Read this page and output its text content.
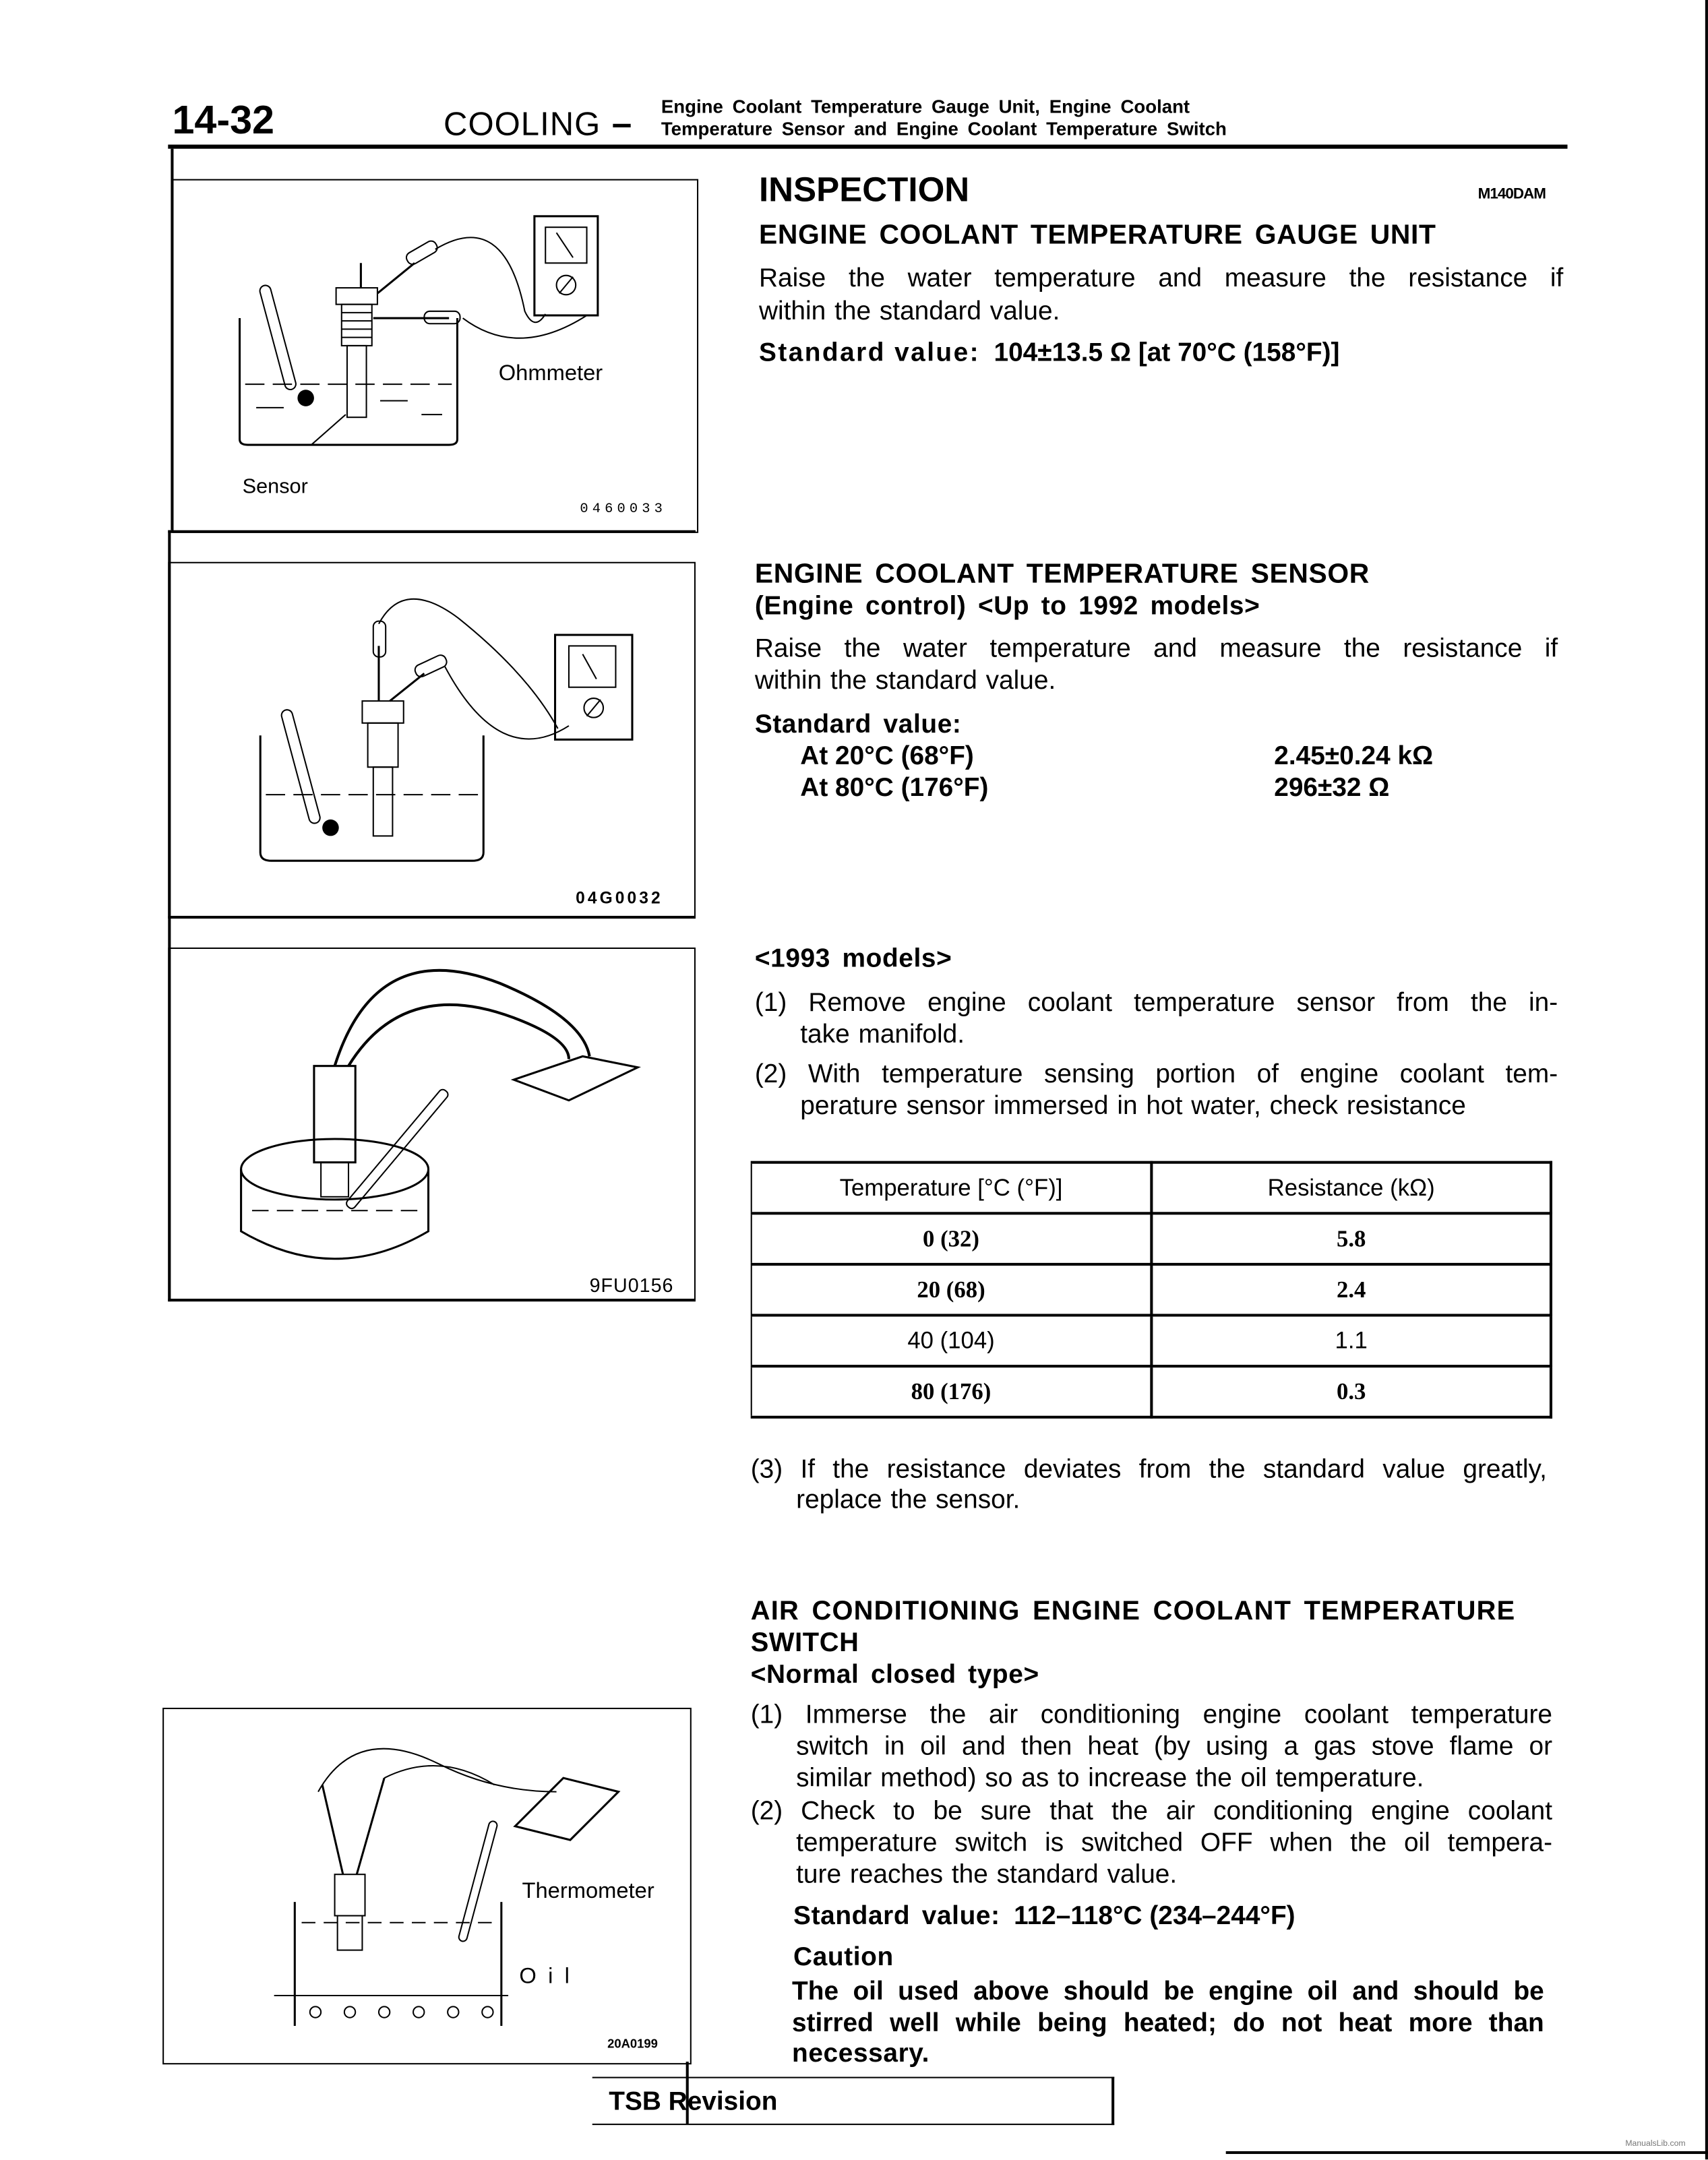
14-32	COOLING –	Engine Coolant Temperature Gauge Unit, Engine Coolant
Temperature Sensor and Engine Coolant Temperature Switch
ManualsLib.com
Ohmmeter
Sensor
0460033
04G0032
9FU0156
Thermometer
O i l
20A0199
INSPECTION	M140DAM
ENGINE COOLANT TEMPERATURE GAUGE UNIT
Raise the water temperature and measure the resistance if
within the standard value.
Standard value: 104±13.5 Ω [at 70°C (158°F)]
ENGINE COOLANT TEMPERATURE SENSOR
(Engine control) <Up to 1992 models>
Raise the water temperature and measure the resistance if
within the standard value.
Standard value:
At 20°C (68°F)	2.45±0.24 kΩ
At 80°C (176°F)	296±32 Ω
<1993 models>
(1) Remove engine coolant temperature sensor from the in-
take manifold.
(2) With temperature sensing portion of engine coolant tem-
perature sensor immersed in hot water, check resistance
Temperature [°C (°F)]	Resistance (kΩ)
0 (32)	5.8
20 (68)	2.4
40 (104)	1.1
80 (176)	0.3
(3) If the resistance deviates from the standard value greatly,
replace the sensor.
AIR CONDITIONING ENGINE COOLANT TEMPERATURE
SWITCH
<Normal closed type>
(1) Immerse the air conditioning engine coolant temperature
switch in oil and then heat (by using a gas stove flame or
similar method) so as to increase the oil temperature.
(2) Check to be sure that the air conditioning engine coolant
temperature switch is switched OFF when the oil tempera-
ture reaches the standard value.
Standard value: 112–118°C (234–244°F)
Caution
The oil used above should be engine oil and should be
stirred well while being heated; do not heat more than
necessary.
TSB Revision
